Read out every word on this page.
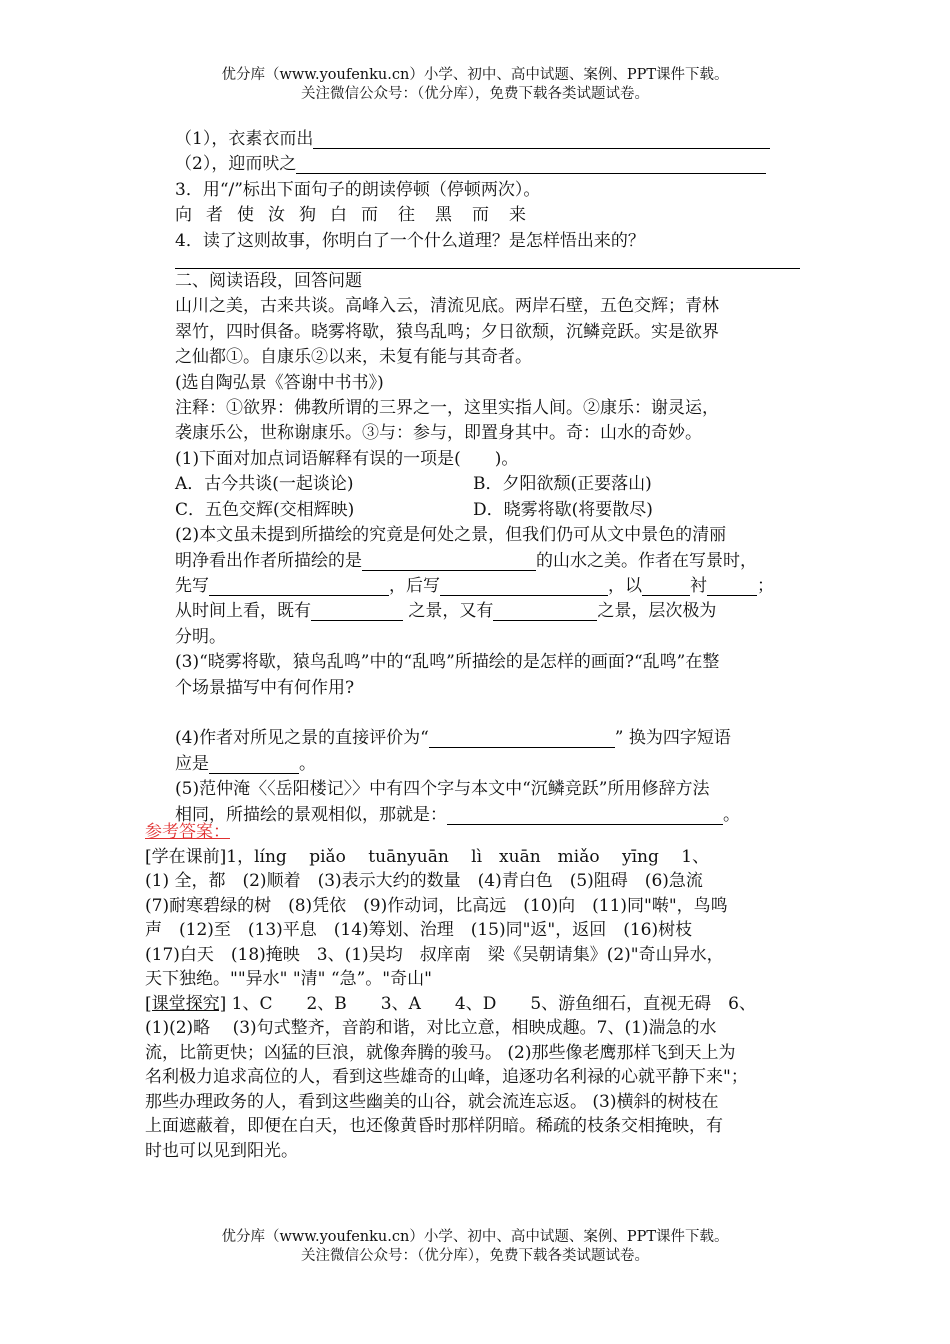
优分库（www.youfenku.cn）小学、初中、高中试题、案例、PPT课件下载。
关注微信公众号：（优分库），免费下载各类试题试卷。
（1），衣素衣而出
（2），迎而吠之
3．用“/”标出下面句子的朗读停顿（停顿两次）。
向 者 使 汝 狗 白 而 往 黑 而 来
4．读了这则故事，你明白了一个什么道理？是怎样悟出来的？
二、阅读语段，回答问题
山川之美，古来共谈。高峰入云，清流见底。两岸石壁，五色交辉；青林
翠竹，四时俱备。晓雾将歇，猿鸟乱鸣；夕日欲颓，沉鳞竞跃。实是欲界
之仙都①。自康乐②以来，未复有能与其奇者。
(选自陶弘景《答谢中书书》)
注释：①欲界：佛教所谓的三界之一，这里实指人间。②康乐：谢灵运，
袭康乐公，世称谢康乐。③与：参与，即置身其中。奇：山水的奇妙。
(1)下面对加点词语解释有误的一项是(　　)。
A．古今共谈(一起谈论)	B．夕阳欲颓(正要落山)
C．五色交辉(交相辉映)	D．晓雾将歇(将要散尽)
(2)本文虽未提到所描绘的究竟是何处之景，但我们仍可从文中景色的清丽
明净看出作者所描绘的是	的山水之美。作者在写景时，
先写	，后写	，以	衬	；
从时间上看，既有	之景，又有	之景，层次极为
分明。
(3)“晓雾将歇，猿鸟乱鸣”中的“乱鸣”所描绘的是怎样的画面?“乱鸣”在整
个场景描写中有何作用?

(4)作者对所见之景的直接评价为“	” 换为四字短语
应是	。
(5)范仲淹〈〈岳阳楼记〉〉中有四个字与本文中“沉鳞竞跃”所用修辞方法
相同，所描绘的景观相似，那就是：	。
参考答案：
[学在课前]1，líng　 piǎo　 tuānyuān　 lì　xuān　miǎo　 yīng　 1、
(1) 全，都　(2)顺着　(3)表示大约的数量　(4)青白色　(5)阻碍　(6)急流
(7)耐寒碧绿的树　(8)凭依　(9)作动词，比高远　(10)向　(11)同"啭"，鸟鸣
声　(12)至　(13)平息　(14)筹划、治理　(15)同"返"，返回　(16)树枝
(17)白天　(18)掩映　3、(1)吴均　叔庠南　梁《吴朝请集》(2)"奇山异水，
天下独绝。""异水" "清" “急”。"奇山"
[课堂探究] 1、C　　2、B　　3、A　　4、D　　5、游鱼细石，直视无碍　6、
(1)(2)略　 (3)句式整齐，音韵和谐，对比立意，相映成趣。7、(1)湍急的水
流，比箭更快；凶猛的巨浪，就像奔腾的骏马。 (2)那些像老鹰那样飞到天上为
名利极力追求高位的人，看到这些雄奇的山峰，追逐功名利禄的心就平静下来"；
那些办理政务的人，看到这些幽美的山谷，就会流连忘返。 (3)横斜的树枝在
上面遮蔽着，即便在白天，也还像黄昏时那样阴暗。稀疏的枝条交相掩映，有
时也可以见到阳光。
优分库（www.youfenku.cn）小学、初中、高中试题、案例、PPT课件下载。
关注微信公众号：（优分库），免费下载各类试题试卷。
